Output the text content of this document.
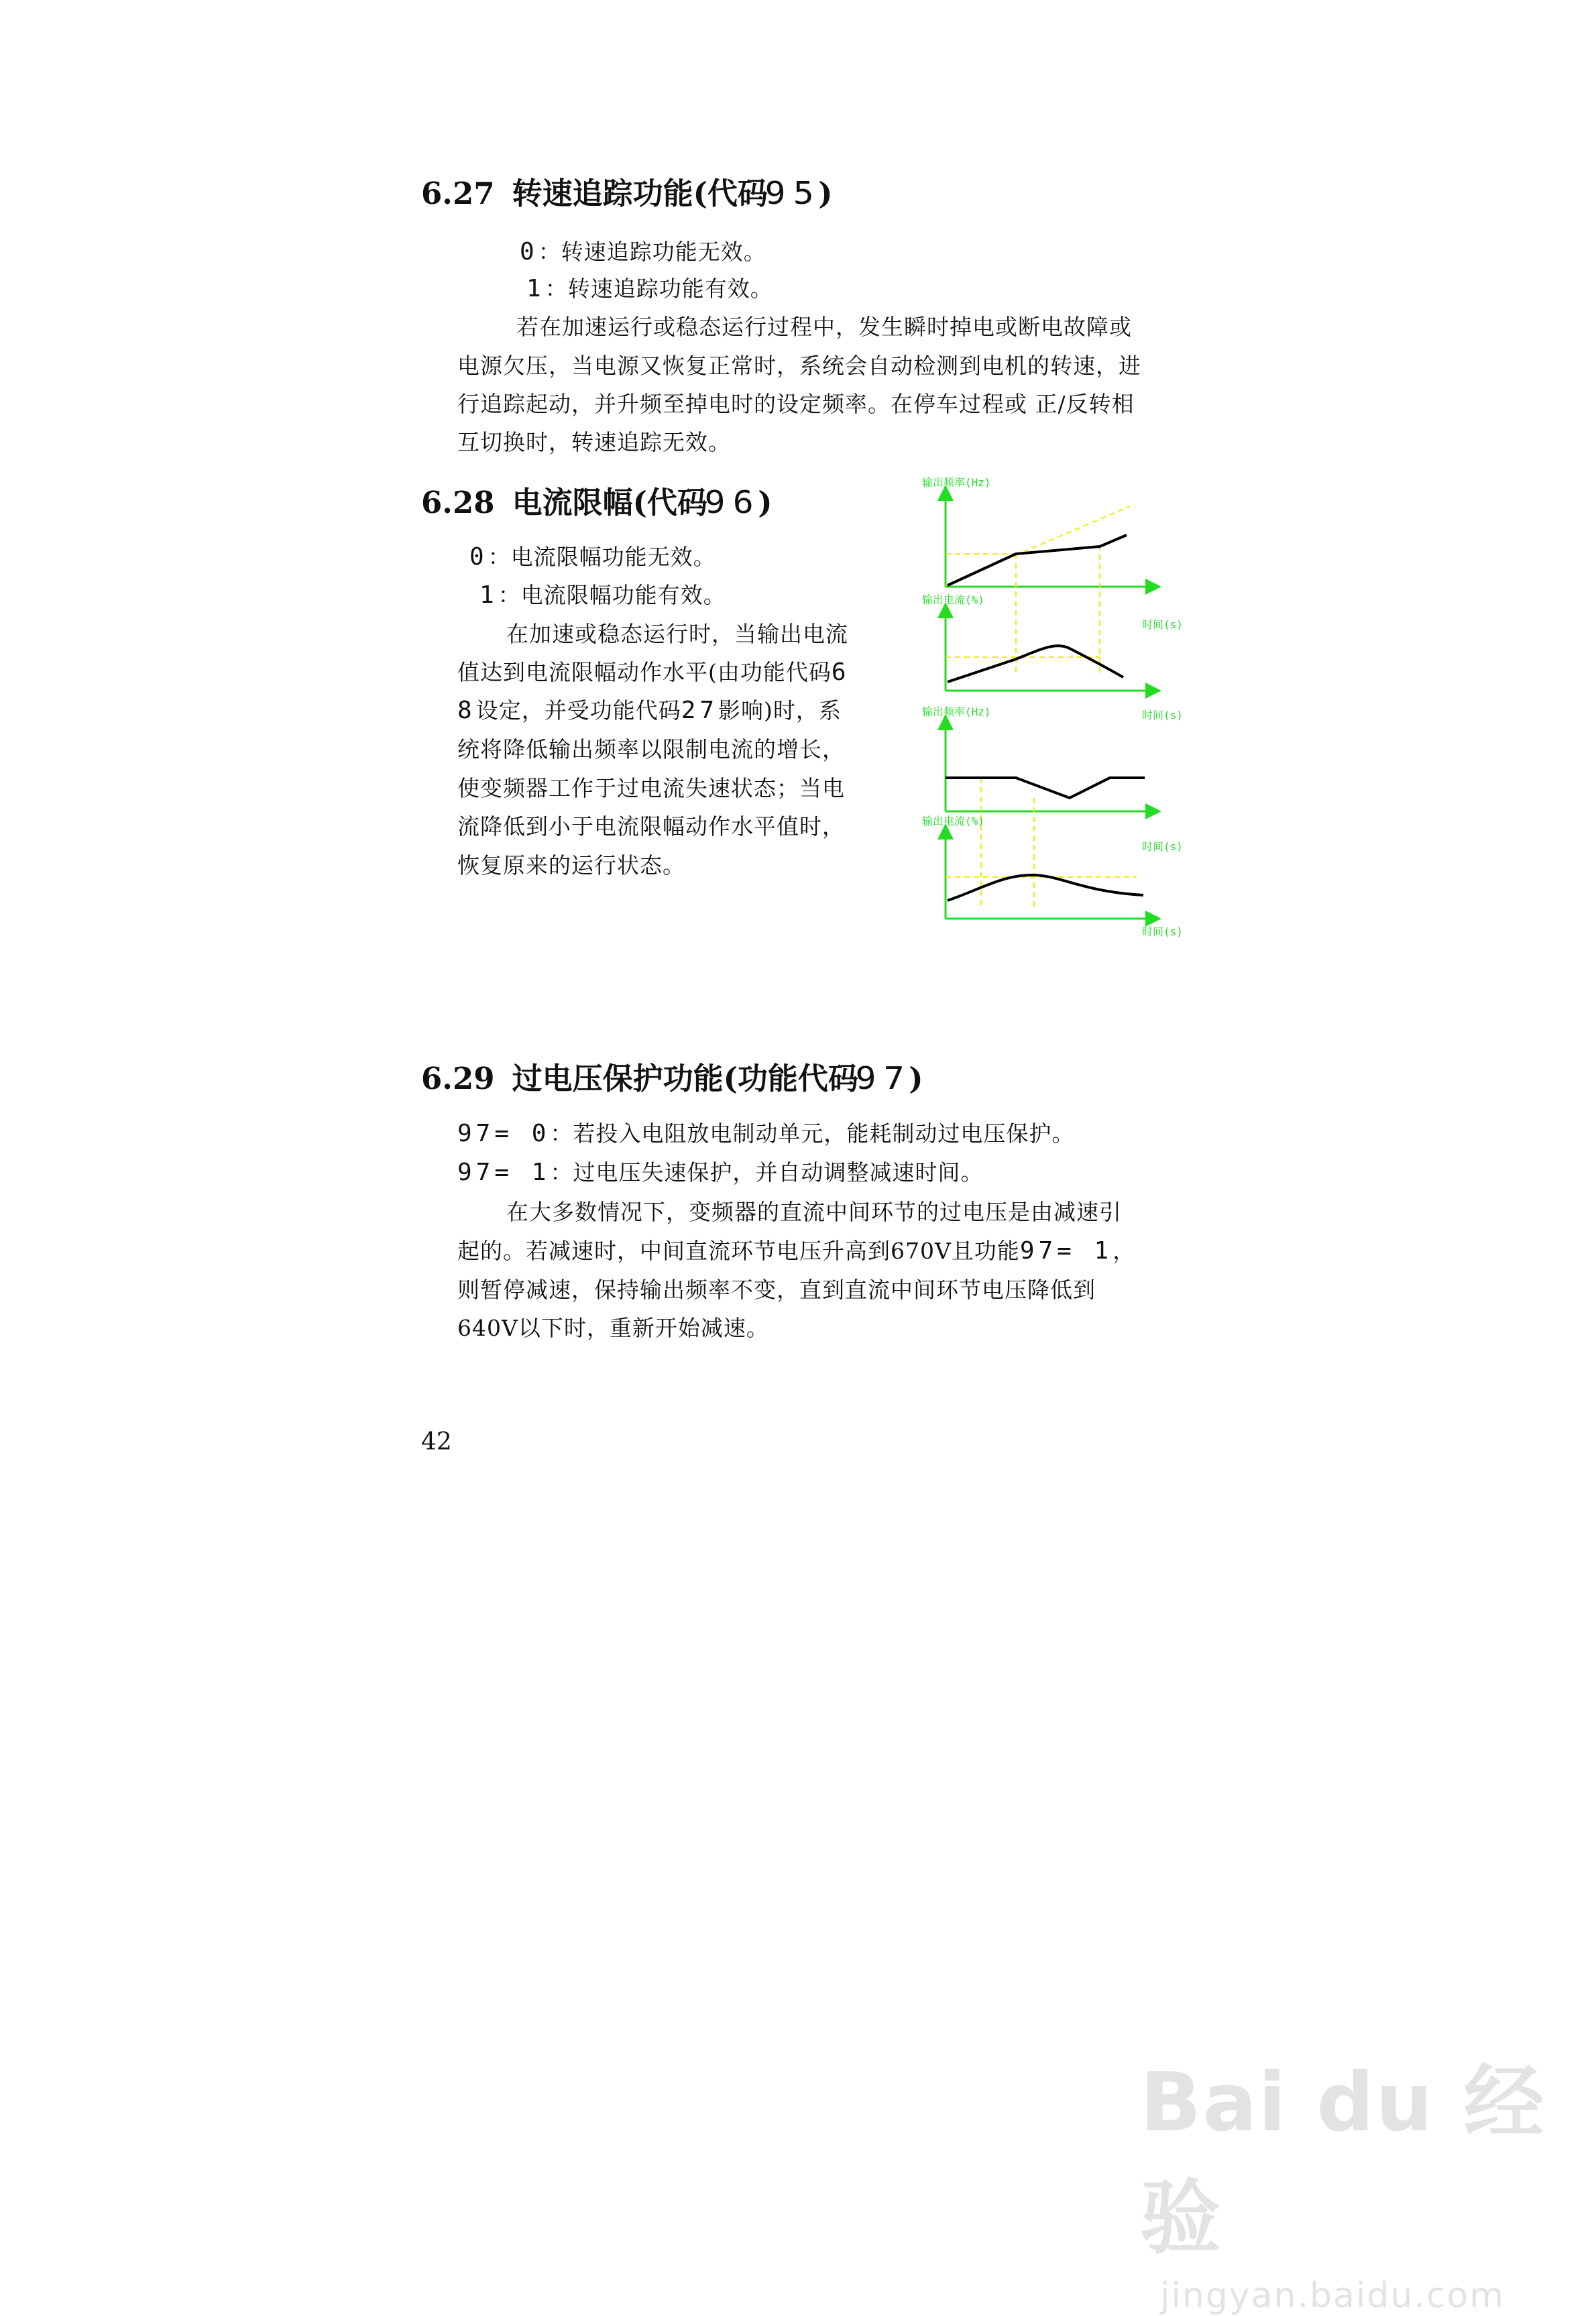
6.27 转速追踪功能(代码95)
0：转速追踪功能无效。
1：转速追踪功能有效。
若在加速运行或稳态运行过程中，发生瞬时掉电或断电故障或
电源欠压，当电源又恢复正常时，系统会自动检测到电机的转速，进
行追踪起动，并升频至掉电时的设定频率。在停车过程或 正/反转相
互切换时，转速追踪无效。
6.28 电流限幅(代码96)
0：电流限幅功能无效。
1：电流限幅功能有效。
在加速或稳态运行时，当输出电流
值达到电流限幅动作水平(由功能代码6
8设定，并受功能代码27影响)时，系
统将降低输出频率以限制电流的增长，
使变频器工作于过电流失速状态；当电
流降低到小于电流限幅动作水平值时，
恢复原来的运行状态。
输出频率(Hz)
输出电流(%)
时间(s)
输出频率(Hz)	时间(s)
输出电流(%)
时间(s)
时间(s)
6.29 过电压保护功能(功能代码97)
97= 0：若投入电阻放电制动单元，能耗制动过电压保护。
97= 1：过电压失速保护，并自动调整减速时间。
在大多数情况下，变频器的直流中间环节的过电压是由减速引
起的。若减速时，中间直流环节电压升高到670V且功能97= 1，
则暂停减速，保持输出频率不变，直到直流中间环节电压降低到
640V以下时，重新开始减速。
42
Bai du 经验
jingyan.baidu.com
